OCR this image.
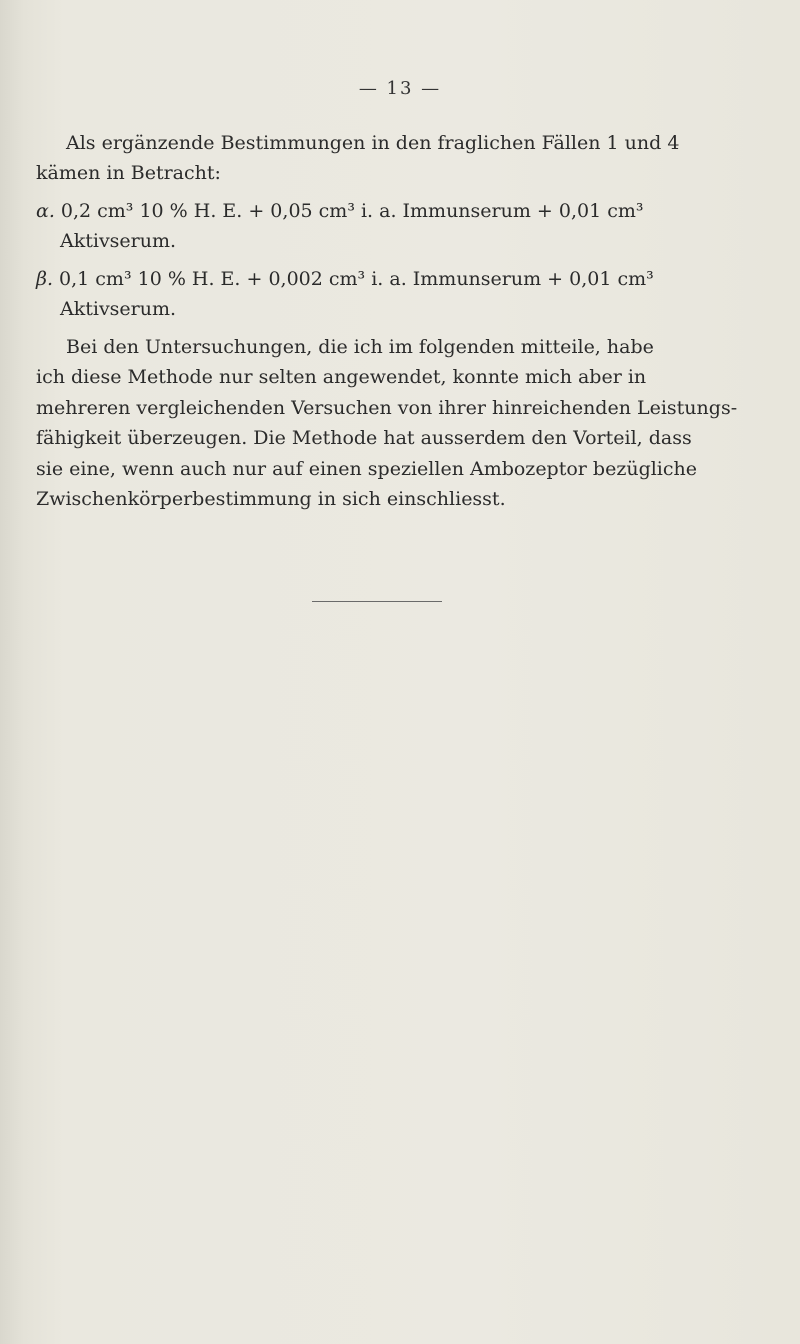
— 13 —
Als ergänzende Bestimmungen in den fraglichen Fällen 1 und 4
kämen in Betracht:
α. 0,2 cm³ 10 % H. E. + 0,05 cm³ i. a. Immunserum + 0,01 cm³
Aktivserum.
β. 0,1 cm³ 10 % H. E. + 0,002 cm³ i. a. Immunserum + 0,01 cm³
Aktivserum.
Bei den Untersuchungen, die ich im folgenden mitteile, habe
ich diese Methode nur selten angewendet, konnte mich aber in
mehreren vergleichenden Versuchen von ihrer hinreichenden Leistungs-
fähigkeit überzeugen. Die Methode hat ausserdem den Vorteil, dass
sie eine, wenn auch nur auf einen speziellen Ambozeptor bezügliche
Zwischenkörperbestimmung in sich einschliesst.
